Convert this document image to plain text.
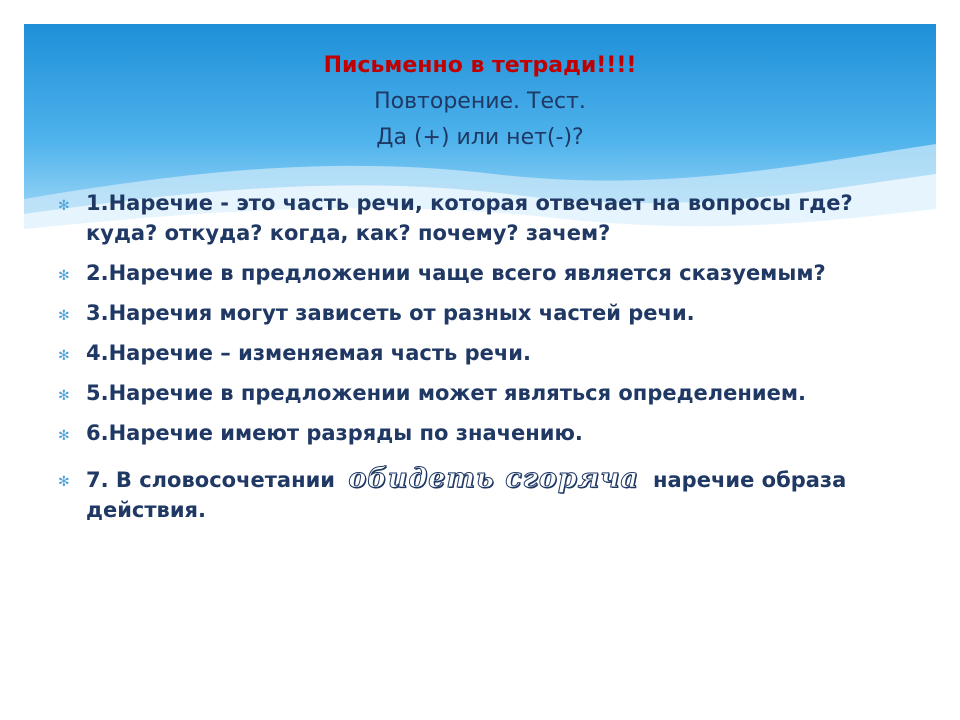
Письменно в тетради!!!!
Повторение. Тест.
Да (+) или нет(-)?
✻ 1.Наречие - это часть речи, которая отвечает на вопросы где? куда? откуда? когда, как? почему? зачем?
✻ 2.Наречие в предложении чаще всего является сказуемым?
✻ 3.Наречия могут зависеть от разных частей речи.
✻ 4.Наречие – изменяемая часть речи.
✻ 5.Наречие в предложении может являться определением.
✻ 6.Наречие имеют разряды по значению.
✻ 7. В словосочетании обидеть сгоряча наречие образа действия.
